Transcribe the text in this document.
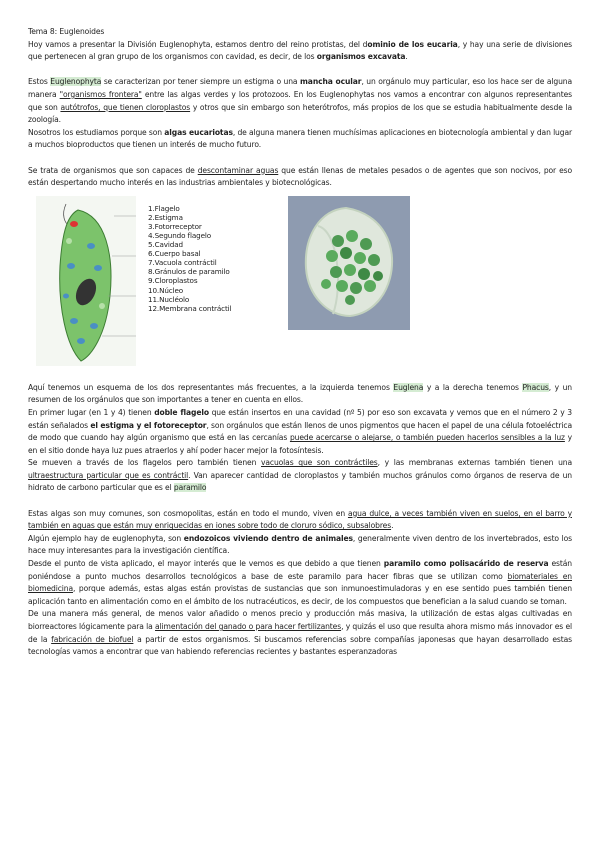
Tema 8: Euglenoides

Hoy vamos a presentar la División Euglenophyta, estamos dentro del reino protistas, del dominio de los eucaria, y hay una serie de divisiones que pertenecen al gran grupo de los organismos con cavidad, es decir, de los organismos excavata.

Estos Euglenophyta se caracterizan por tener siempre un estigma o una mancha ocular, un orgánulo muy particular, eso los hace ser de alguna manera "organismos frontera" entre las algas verdes y los protozoos. En los Euglenophytas nos vamos a encontrar con algunos representantes que son autótrofos, que tienen cloroplastos y otros que sin embargo son heterótrofos, más propios de los que se estudia habitualmente desde la zoología.

Nosotros los estudiamos porque son algas eucariotas, de alguna manera tienen muchísimas aplicaciones en biotecnología ambiental y dan lugar a muchos bioproductos que tienen un interés de mucho futuro.

Se trata de organismos que son capaces de descontaminar aguas que están llenas de metales pesados o de agentes que son nocivos, por eso están despertando mucho interés en las industrias ambientales y biotecnológicas.

1.Flagelo
2.Estigma
3.Fotorreceptor
4.Segundo flagelo
5.Cavidad
6.Cuerpo basal
7.Vacuola contráctil
8.Gránulos de paramilo
9.Cloroplastos
10.Núcleo
11.Nucléolo
12.Membrana contráctil

Aquí tenemos un esquema de los dos representantes más frecuentes, a la izquierda tenemos Euglena y a la derecha tenemos Phacus, y un resumen de los orgánulos que son importantes a tener en cuenta en ellos.

En primer lugar (en 1 y 4) tienen doble flagelo que están insertos en una cavidad (nº 5) por eso son excavata y vemos que en el número 2 y 3 están señalados el estigma y el fotoreceptor, son orgánulos que están llenos de unos pigmentos que hacen el papel de una célula fotoeléctrica de modo que cuando hay algún organismo que está en las cercanías puede acercarse o alejarse, o también pueden hacerlos sensibles a la luz y en el sitio donde haya luz pues atraerlos y ahí poder hacer mejor la fotosíntesis.

Se mueven a través de los flagelos pero también tienen vacuolas que son contráctiles, y las membranas externas también tienen una ultraestructura particular que es contráctil. Van aparecer cantidad de cloroplastos y también muchos gránulos como órganos de reserva de un hidrato de carbono particular que es el paramilo

Estas algas son muy comunes, son cosmopolitas, están en todo el mundo, viven en agua dulce, a veces también viven en suelos, en el barro y también en aguas que están muy enriquecidas en iones sobre todo de cloruro sódico, subsalobres.

Algún ejemplo hay de euglenophyta, son endozoicos viviendo dentro de animales, generalmente viven dentro de los invertebrados, esto los hace muy interesantes para la investigación científica.

Desde el punto de vista aplicado, el mayor interés que le vemos es que debido a que tienen paramilo como polisacárido de reserva están poniéndose a punto muchos desarrollos tecnológicos a base de este paramilo para hacer fibras que se utilizan como biomateriales en biomedicina, porque además, estas algas están provistas de sustancias que son inmunoestimuladoras y en ese sentido pues también tienen aplicación tanto en alimentación como en el ámbito de los nutracéuticos, es decir, de los compuestos que benefician a la salud cuando se toman.

De una manera más general, de menos valor añadido o menos precio y producción más masiva, la utilización de estas algas cultivadas en biorreactores lógicamente para la alimentación del ganado o para hacer fertilizantes, y quizás el uso que resulta ahora mismo más innovador es el de la fabricación de biofuel a partir de estos organismos. Si buscamos referencias sobre compañías japonesas que hayan desarrollado estas tecnologías vamos a encontrar que van habiendo referencias recientes y bastantes esperanzadoras
